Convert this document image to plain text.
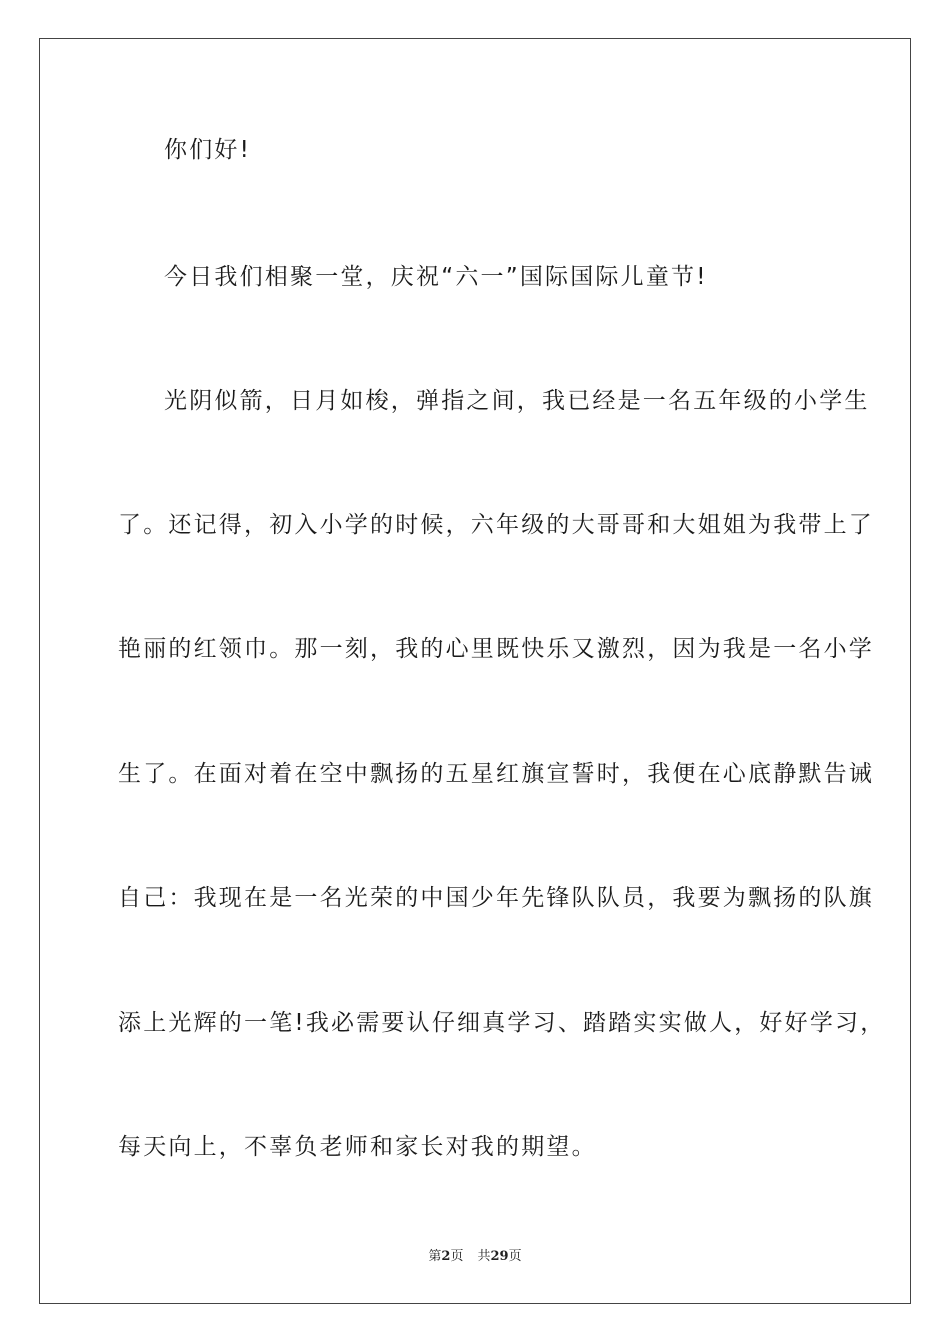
你们好!
今日我们相聚一堂，庆祝“六一”国际国际儿童节!
光阴似箭，日月如梭，弹指之间，我已经是一名五年级的小学生
了。还记得，初入小学的时候，六年级的大哥哥和大姐姐为我带上了
艳丽的红领巾。那一刻，我的心里既快乐又激烈，因为我是一名小学
生了。在面对着在空中飘扬的五星红旗宣誓时，我便在心底静默告诫
自己：我现在是一名光荣的中国少年先锋队队员，我要为飘扬的队旗
添上光辉的一笔!我必需要认仔细真学习、踏踏实实做人，好好学习，
每天向上，不辜负老师和家长对我的期望。
第2页 共29页
